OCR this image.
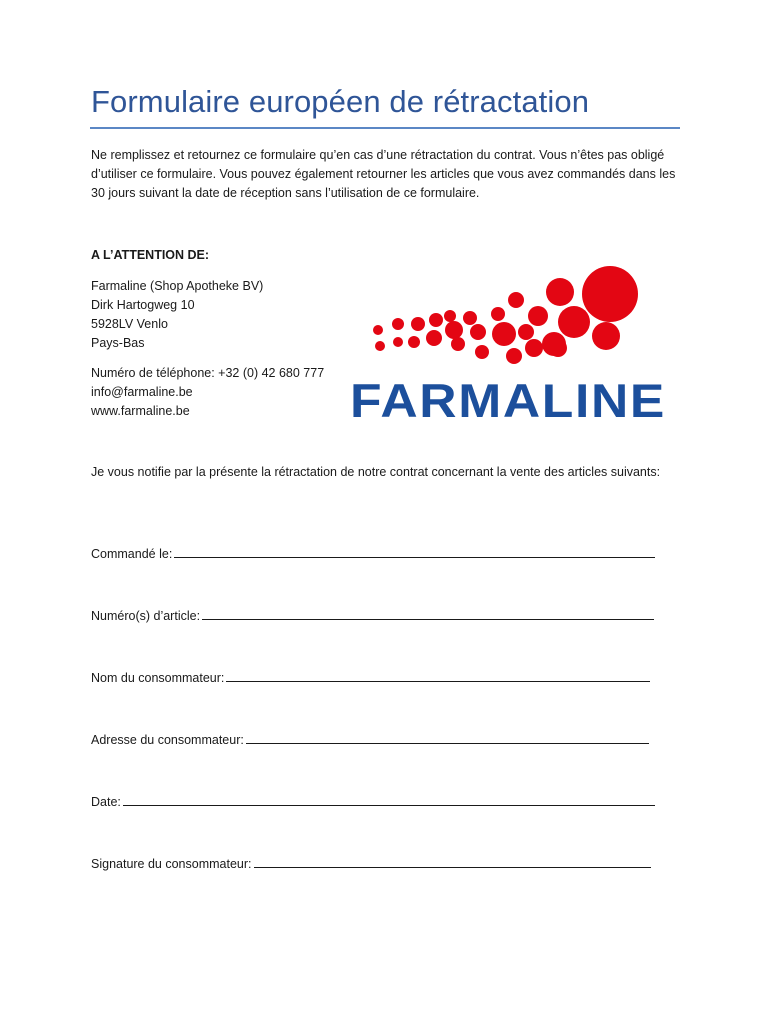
Formulaire européen de rétractation
Ne remplissez et retournez ce formulaire qu’en cas d’une rétractation du contrat. Vous n’êtes pas obligé d’utiliser ce formulaire. Vous pouvez également retourner les articles que vous avez commandés dans les 30 jours suivant la date de réception sans l’utilisation de ce formulaire.
A L’ATTENTION DE:
Farmaline (Shop Apotheke BV)
Dirk Hartogweg 10
5928LV Venlo
Pays-Bas
Numéro de téléphone: +32 (0) 42 680 777
info@farmaline.be
www.farmaline.be	FARMALINE
Je vous notifie par la présente la rétractation de notre contrat concernant la vente des articles suivants:
Commandé le:
Numéro(s) d’article:
Nom du consommateur:
Adresse du consommateur:
Date:
Signature du consommateur:
